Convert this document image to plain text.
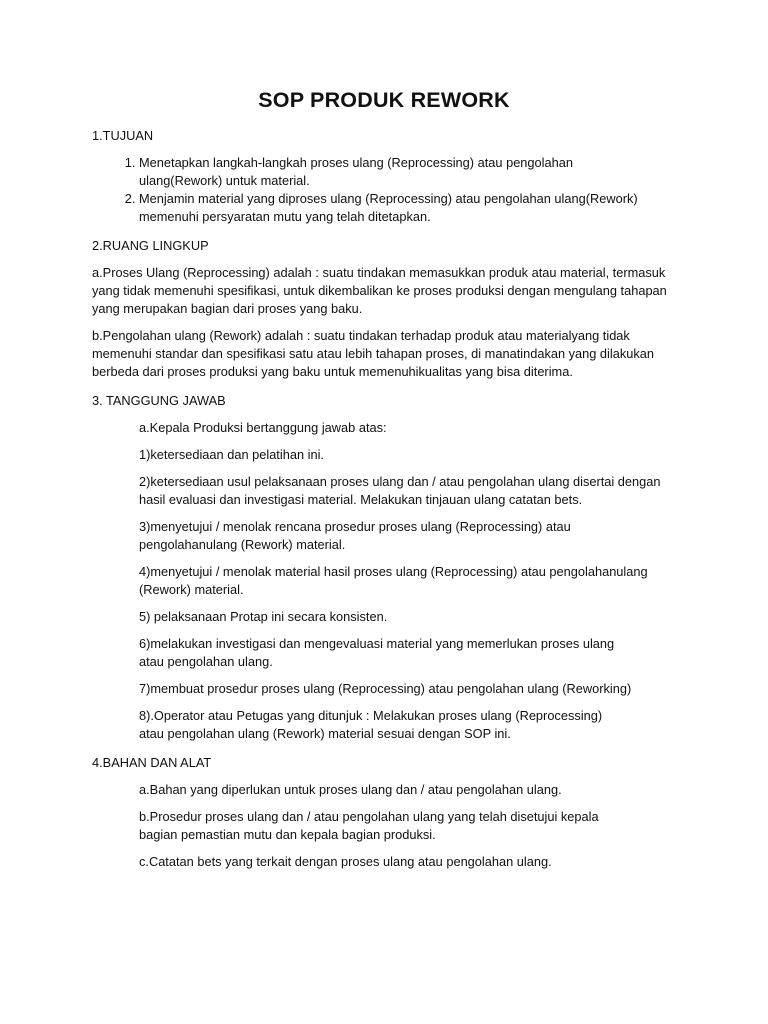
SOP PRODUK REWORK

1.TUJUAN

1. Menetapkan langkah-langkah proses ulang (Reprocessing) atau pengolahan ulang(Rework) untuk material.
2. Menjamin material yang diproses ulang (Reprocessing) atau pengolahan ulang(Rework) memenuhi persyaratan mutu yang telah ditetapkan.

2.RUANG LINGKUP

a.Proses Ulang (Reprocessing) adalah : suatu tindakan memasukkan produk atau material, termasuk yang tidak memenuhi spesifikasi, untuk dikembalikan ke proses produksi dengan mengulang tahapan yang merupakan bagian dari proses yang baku.

b.Pengolahan ulang (Rework) adalah : suatu tindakan terhadap produk atau materialyang tidak memenuhi standar dan spesifikasi satu atau lebih tahapan proses, di manatindakan yang dilakukan berbeda dari proses produksi yang baku untuk memenuhikualitas yang bisa diterima.

3. TANGGUNG JAWAB

a.Kepala Produksi bertanggung jawab atas:

1)ketersediaan dan pelatihan ini.

2)ketersediaan usul pelaksanaan proses ulang dan / atau pengolahan ulang disertai dengan hasil evaluasi dan investigasi material. Melakukan tinjauan ulang catatan bets.

3)menyetujui / menolak rencana prosedur proses ulang (Reprocessing) atau pengolahanulang (Rework) material.

4)menyetujui / menolak material hasil proses ulang (Reprocessing) atau pengolahanulang (Rework) material.

5) pelaksanaan Protap ini secara konsisten.

6)melakukan investigasi dan mengevaluasi material yang memerlukan proses ulang atau pengolahan ulang.

7)membuat prosedur proses ulang (Reprocessing) atau pengolahan ulang (Reworking)

8).Operator atau Petugas yang ditunjuk : Melakukan proses ulang (Reprocessing) atau pengolahan ulang (Rework) material sesuai dengan SOP ini.

4.BAHAN DAN ALAT

a.Bahan yang diperlukan untuk proses ulang dan / atau pengolahan ulang.

b.Prosedur proses ulang dan / atau pengolahan ulang yang telah disetujui kepala bagian pemastian mutu dan kepala bagian produksi.

c.Catatan bets yang terkait dengan proses ulang atau pengolahan ulang.
